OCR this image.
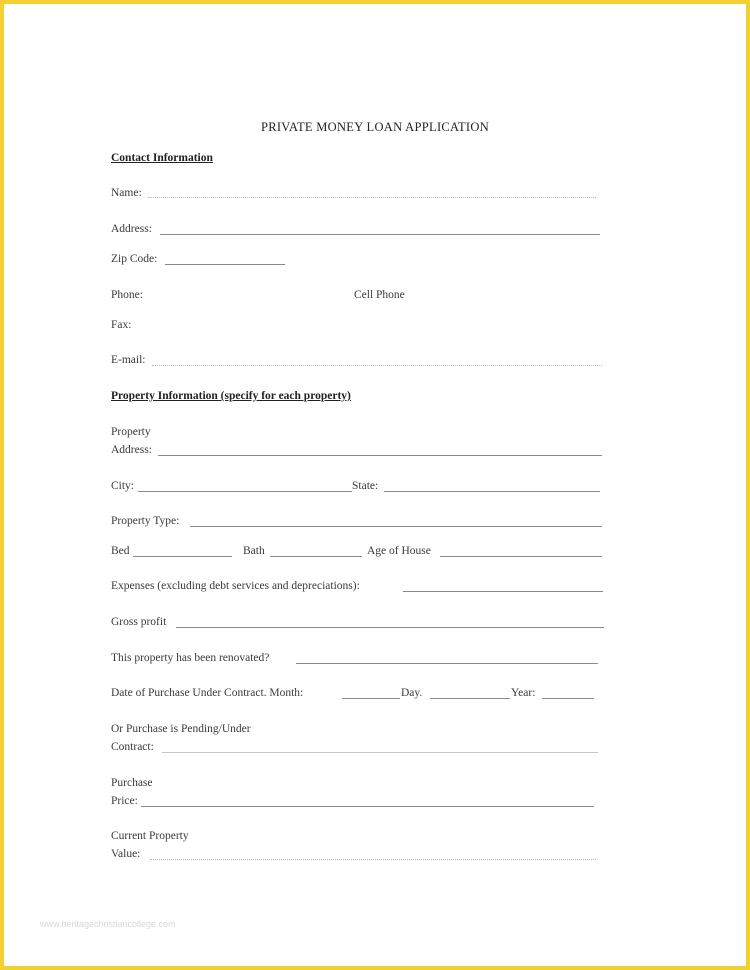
PRIVATE MONEY LOAN APPLICATION
Contact Information
Name:
Address:
Zip Code:
Phone:	Cell Phone
Fax:
E-mail:
Property Information (specify for each property)
Property
Address:
City:	State:
Property Type:
Bed	Bath	Age of House
Expenses (excluding debt services and depreciations):
Gross profit
This property has been renovated?
Date of Purchase Under Contract. Month:	Day.	Year:
Or Purchase is Pending/Under
Contract:
Purchase
Price:
Current Property
Value:
www.heritagechristiancollege.com
